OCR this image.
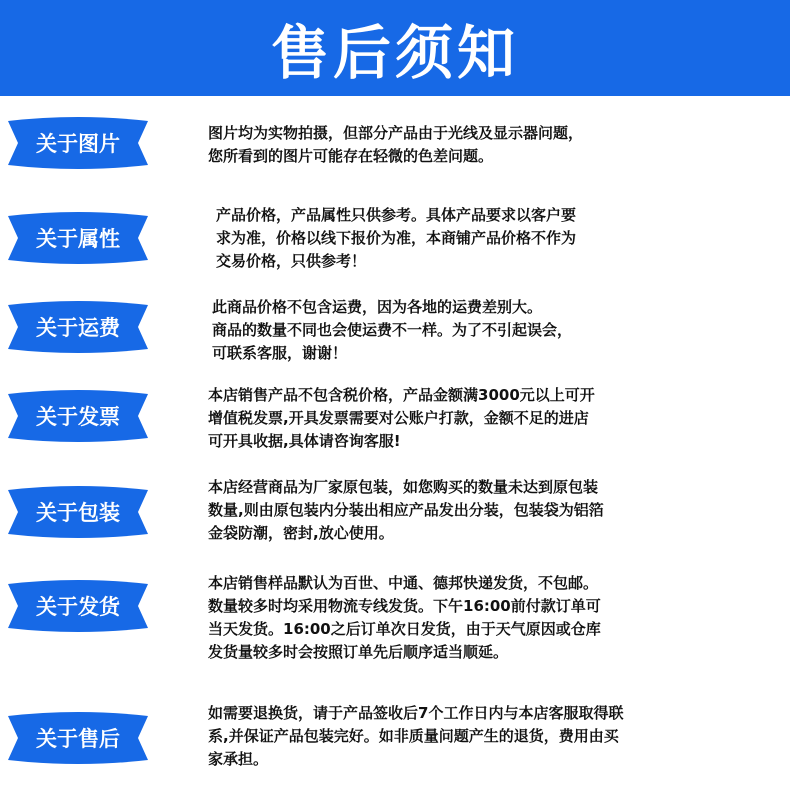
售后须知
关于图片	图片均为实物拍摄，但部分产品由于光线及显示器问题，
您所看到的图片可能存在轻微的色差问题。
关于属性
产品价格，产品属性只供参考。具体产品要求以客户要
求为准，价格以线下报价为准，本商铺产品价格不作为
交易价格，只供参考！
关于运费
此商品价格不包含运费，因为各地的运费差别大。
商品的数量不同也会使运费不一样。为了不引起误会，
可联系客服，谢谢！
关于发票
本店销售产品不包含税价格，产品金额满3000元以上可开
增值税发票,开具发票需要对公账户打款，金额不足的进店
可开具收据,具体请咨询客服!
关于包装
本店经营商品为厂家原包装，如您购买的数量未达到原包装
数量,则由原包装内分装出相应产品发出分装，包装袋为铝箔
金袋防潮，密封,放心使用。
关于发货
本店销售样品默认为百世、中通、德邦快递发货，不包邮。
数量较多时均采用物流专线发货。下午16:00前付款订单可
当天发货。16:00之后订单次日发货，由于天气原因或仓库
发货量较多时会按照订单先后顺序适当顺延。
关于售后
如需要退换货，请于产品签收后7个工作日内与本店客服取得联
系,并保证产品包装完好。如非质量问题产生的退货，费用由买
家承担。
